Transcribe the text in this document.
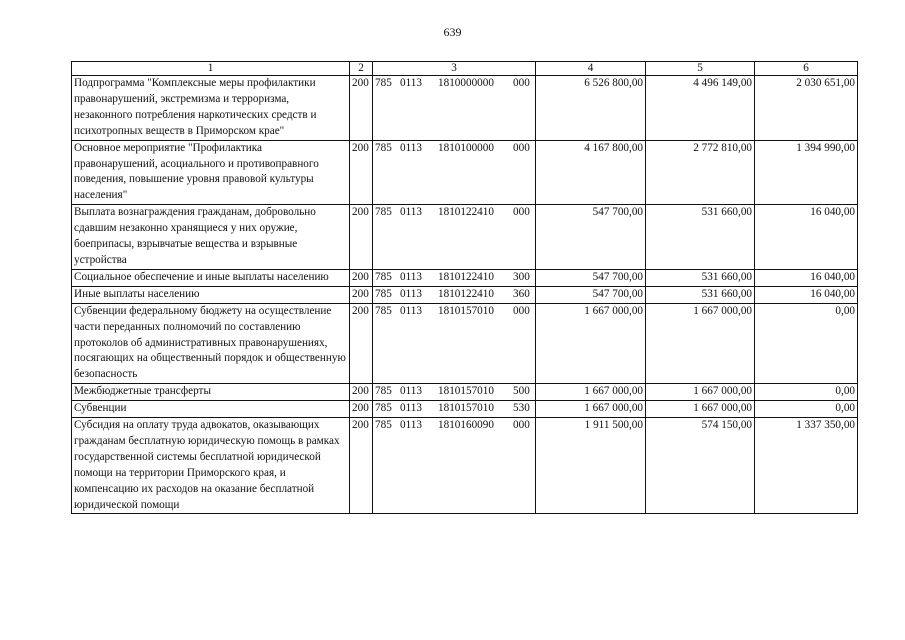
639
1	2	3	4	5	6
Подпрограмма "Комплексные меры профилактики правонарушений, экстремизма и терроризма, незаконного потребления наркотических средств и психотропных веществ в Приморском крае"	200	785 0113 1810000000 000	6 526 800,00	4 496 149,00	2 030 651,00
Основное мероприятие "Профилактика правонарушений, асоциального и противоправного поведения, повышение уровня правовой культуры населения"	200	785 0113 1810100000 000	4 167 800,00	2 772 810,00	1 394 990,00
Выплата вознаграждения гражданам, добровольно сдавшим незаконно хранящиеся у них оружие, боеприпасы, взрывчатые вещества и взрывные устройства	200	785 0113 1810122410 000	547 700,00	531 660,00	16 040,00
Социальное обеспечение и иные выплаты населению	200	785 0113 1810122410 300	547 700,00	531 660,00	16 040,00
Иные выплаты населению	200	785 0113 1810122410 360	547 700,00	531 660,00	16 040,00
Субвенции федеральному бюджету на осуществление части переданных полномочий по составлению протоколов об административных правонарушениях, посягающих на общественный порядок и общественную безопасность	200	785 0113 1810157010 000	1 667 000,00	1 667 000,00	0,00
Межбюджетные трансферты	200	785 0113 1810157010 500	1 667 000,00	1 667 000,00	0,00
Субвенции	200	785 0113 1810157010 530	1 667 000,00	1 667 000,00	0,00
Субсидия на оплату труда адвокатов, оказывающих гражданам бесплатную юридическую помощь в рамках государственной системы бесплатной юридической помощи на территории Приморского края, и компенсацию их расходов на оказание бесплатной юридической помощи	200	785 0113 1810160090 000	1 911 500,00	574 150,00	1 337 350,00
